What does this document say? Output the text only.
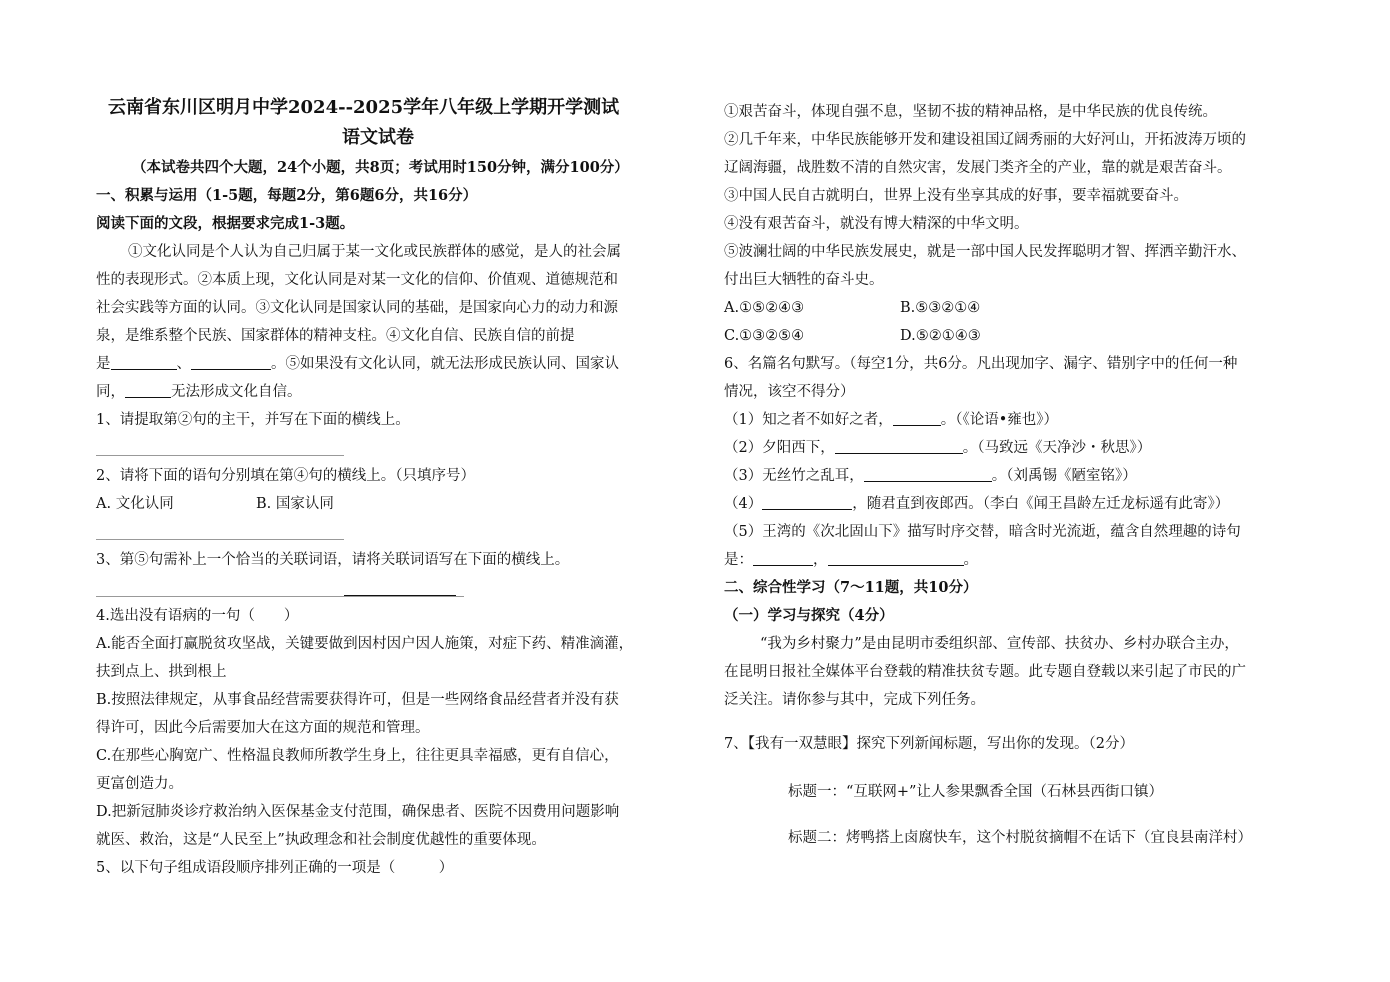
云南省东川区明月中学2024--2025学年八年级上学期开学测试
语文试卷
（本试卷共四个大题，24个小题，共8页；考试用时150分钟，满分100分）
一、积累与运用（1-5题，每题2分，第6题6分，共16分）
阅读下面的文段，根据要求完成1-3题。
①文化认同是个人认为自己归属于某一文化或民族群体的感觉，是人的社会属
性的表现形式。②本质上现，文化认同是对某一文化的信仰、价值观、道德规范和
社会实践等方面的认同。③文化认同是国家认同的基础，是国家向心力的动力和源
泉，是维系整个民族、国家群体的精神支柱。④文化自信、民族自信的前提
是	、	。⑤如果没有文化认同，就无法形成民族认同、国家认
同，	无法形成文化自信。
1、请提取第②句的主干，并写在下面的横线上。
2、请将下面的语句分别填在第④句的横线上。（只填序号）
A. 文化认同	B. 国家认同
3、第⑤句需补上一个恰当的关联词语，请将关联词语写在下面的横线上。
4.选出没有语病的一句（　　）
A.能否全面打赢脱贫攻坚战，关键要做到因村因户因人施策，对症下药、精准滴灌，
扶到点上、拱到根上
B.按照法律规定，从事食品经营需要获得许可，但是一些网络食品经营者并没有获
得许可，因此今后需要加大在这方面的规范和管理。
C.在那些心胸宽广、性格温良教师所教学生身上，往往更具幸福感，更有自信心，
更富创造力。
D.把新冠肺炎诊疗救治纳入医保基金支付范围，确保患者、医院不因费用问题影响
就医、救治，这是“人民至上”执政理念和社会制度优越性的重要体现。
5、以下句子组成语段顺序排列正确的一项是（　　　）
①艰苦奋斗，体现自强不息，坚韧不拔的精神品格，是中华民族的优良传统。
②几千年来，中华民族能够开发和建设祖国辽阔秀丽的大好河山，开拓波涛万顷的
辽阔海疆，战胜数不清的自然灾害，发展门类齐全的产业，靠的就是艰苦奋斗。
③中国人民自古就明白，世界上没有坐享其成的好事，要幸福就要奋斗。
④没有艰苦奋斗，就没有博大精深的中华文明。
⑤波澜壮阔的中华民族发展史，就是一部中国人民发挥聪明才智、挥洒辛勤汗水、
付出巨大牺牲的奋斗史。
A.①⑤②④③	B.⑤③②①④
C.①③②⑤④	D.⑤②①④③
6、名篇名句默写。（每空1分，共6分。凡出现加字、漏字、错别字中的任何一种
情况，该空不得分）
（1）知之者不如好之者，	。（《论语•雍也》）
（2）夕阳西下，	。（马致远《天净沙・秋思》）
（3）无丝竹之乱耳，	。（刘禹锡《陋室铭》）
（4）	，随君直到夜郎西。（李白《闻王昌龄左迁龙标遥有此寄》）
（5）王湾的《次北固山下》描写时序交替，暗含时光流逝，蕴含自然理趣的诗句
是：	，	。
二、综合性学习（7～11题，共10分）
（一）学习与探究（4分）
“我为乡村聚力”是由昆明市委组织部、宣传部、扶贫办、乡村办联合主办，
在昆明日报社全媒体平台登载的精准扶贫专题。此专题自登载以来引起了市民的广
泛关注。请你参与其中，完成下列任务。
7、【我有一双慧眼】探究下列新闻标题，写出你的发现。（2分）
标题一：“互联网+”让人参果飘香全国（石林县西街口镇）
标题二：烤鸭搭上卤腐快车，这个村脱贫摘帽不在话下（宜良县南洋村）
